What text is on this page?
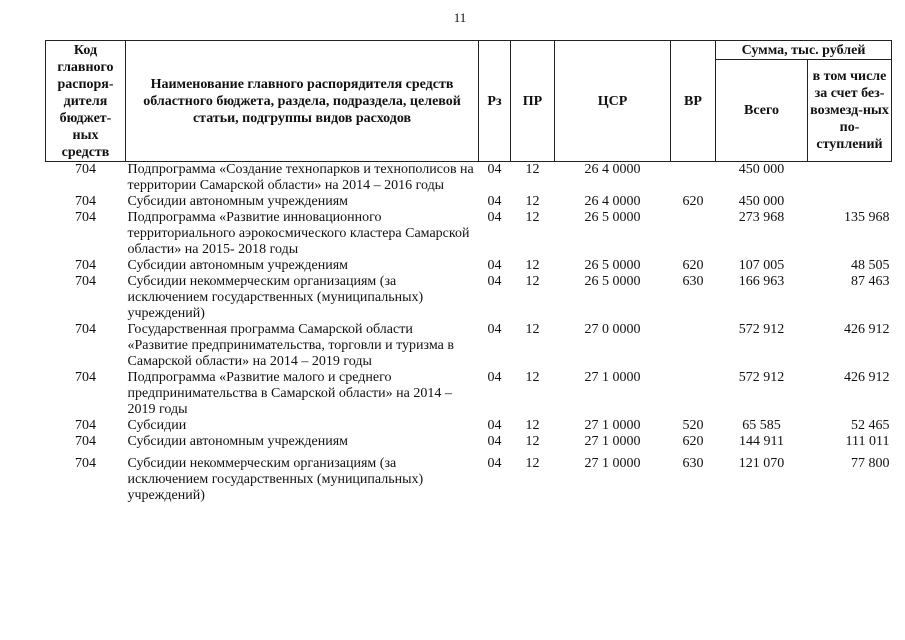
11
Код главного распоря-дителя бюджет-ных средств	Наименование главного распорядителя средств областного бюджета, раздела, подраздела, целевой статьи, подгруппы видов расходов	Рз	ПР	ЦСР	ВР	Сумма, тыс. рублей	
						Всего	в том числе за счет без-возмезд-ных по-ступлений
704	Подпрограмма «Создание технопарков и технополисов на территории Самарской области» на 2014 – 2016 годы	04	12	26 4 0000		450 000	
704	Субсидии автономным учреждениям	04	12	26 4 0000	620	450 000	
704	Подпрограмма «Развитие инновационного территориального аэрокосмического кластера Самарской области» на 2015- 2018 годы	04	12	26 5 0000		273 968	135 968
704	Субсидии автономным учреждениям	04	12	26 5 0000	620	107 005	48 505
704	Субсидии некоммерческим организациям (за исключением государственных (муниципальных) учреждений)	04	12	26 5 0000	630	166 963	87 463
704	Государственная программа Самарской области «Развитие предпринимательства, торговли и туризма в Самарской области» на 2014 – 2019 годы	04	12	27 0 0000		572 912	426 912
704	Подпрограмма «Развитие малого и среднего предпринимательства в Самарской области» на 2014 – 2019 годы	04	12	27 1 0000		572 912	426 912
704	Субсидии	04	12	27 1 0000	520	65 585	52 465
704	Субсидии автономным учреждениям	04	12	27 1 0000	620	144 911	111 011
704	Субсидии некоммерческим организациям (за исключением государственных (муниципальных) учреждений)	04	12	27 1 0000	630	121 070	77 800
